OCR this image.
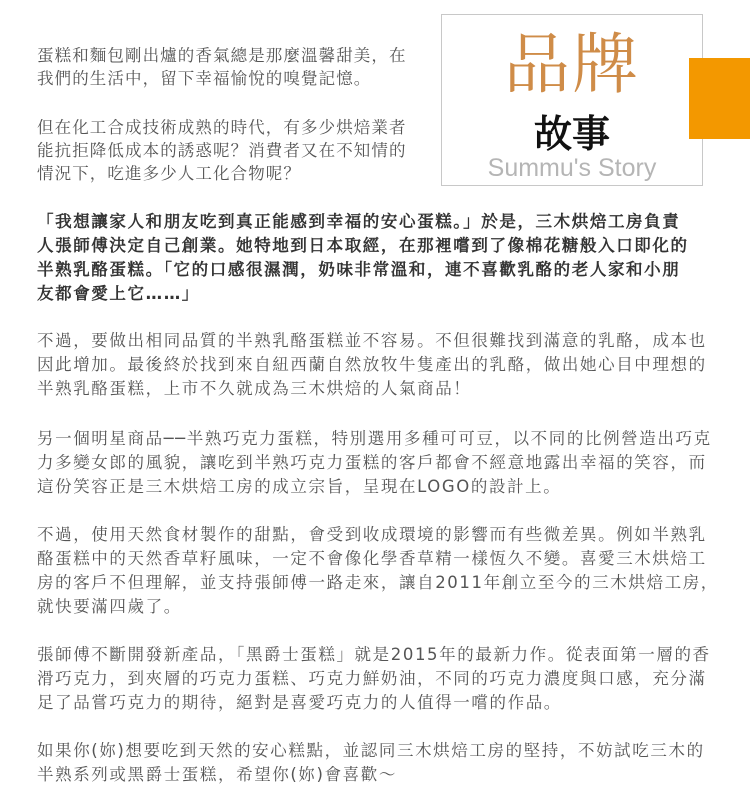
品牌
故事
Summu's Story
蛋糕和麵包剛出爐的香氣總是那麼溫馨甜美，在
我們的生活中，留下幸福愉悅的嗅覺記憶。
但在化工合成技術成熟的時代，有多少烘焙業者
能抗拒降低成本的誘惑呢？消費者又在不知情的
情況下，吃進多少人工化合物呢？
「我想讓家人和朋友吃到真正能感到幸福的安心蛋糕。」於是，三木烘焙工房負責
人張師傅決定自己創業。她特地到日本取經，在那裡嚐到了像棉花糖般入口即化的
半熟乳酪蛋糕。「它的口感很濕潤，奶味非常溫和，連不喜歡乳酪的老人家和小朋
友都會愛上它……」
不過，要做出相同品質的半熟乳酪蛋糕並不容易。不但很難找到滿意的乳酪，成本也
因此增加。最後終於找到來自紐西蘭自然放牧牛隻產出的乳酪，做出她心目中理想的
半熟乳酪蛋糕，上市不久就成為三木烘焙的人氣商品！
另一個明星商品──半熟巧克力蛋糕，特別選用多種可可豆，以不同的比例營造出巧克
力多變女郎的風貌，讓吃到半熟巧克力蛋糕的客戶都會不經意地露出幸福的笑容，而
這份笑容正是三木烘焙工房的成立宗旨，呈現在LOGO的設計上。
不過，使用天然食材製作的甜點，會受到收成環境的影響而有些微差異。例如半熟乳
酪蛋糕中的天然香草籽風味，一定不會像化學香草精一樣恆久不變。喜愛三木烘焙工
房的客戶不但理解，並支持張師傅一路走來，讓自2011年創立至今的三木烘焙工房，
就快要滿四歲了。
張師傅不斷開發新產品，「黑爵士蛋糕」就是2015年的最新力作。從表面第一層的香
滑巧克力，到夾層的巧克力蛋糕、巧克力鮮奶油，不同的巧克力濃度與口感，充分滿
足了品嘗巧克力的期待，絕對是喜愛巧克力的人值得一嚐的作品。
如果你(妳)想要吃到天然的安心糕點，並認同三木烘焙工房的堅持，不妨試吃三木的
半熟系列或黑爵士蛋糕，希望你(妳)會喜歡～
